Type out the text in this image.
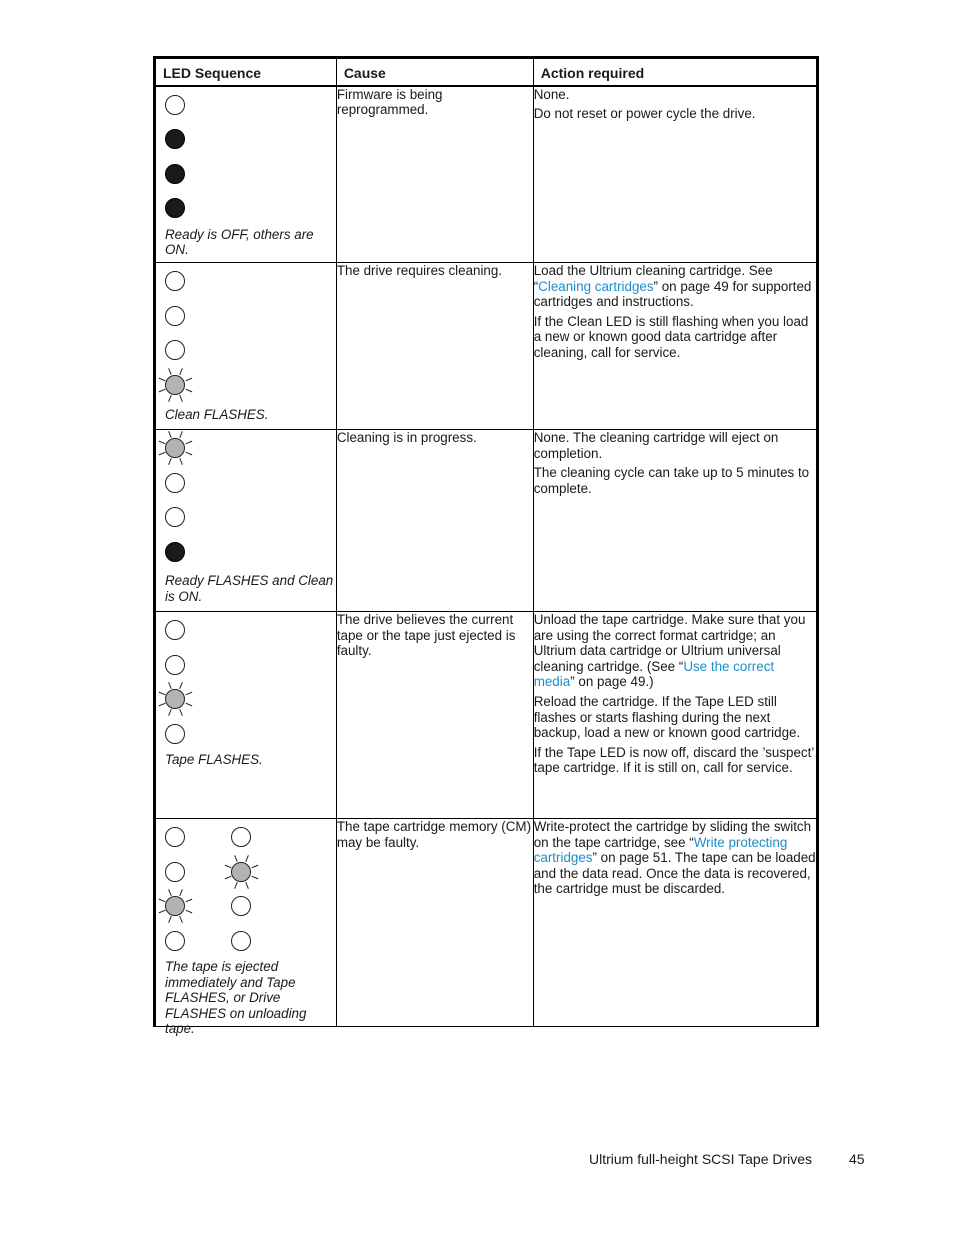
LED Sequence	Cause	Action required

Ready is OFF, others are ON.	Firmware is being reprogrammed.	None.

Do not reset or power cycle the drive.

Clean FLASHES.	The drive requires cleaning.	Load the Ultrium cleaning cartridge. See “Cleaning cartridges” on page 49 for supported cartridges and instructions.

If the Clean LED is still flashing when you load a new or known good data cartridge after cleaning, call for service.

Ready FLASHES and Clean is ON.	Cleaning is in progress.	None. The cleaning cartridge will eject on completion.

The cleaning cycle can take up to 5 minutes to complete.

Tape FLASHES.	The drive believes the current tape or the tape just ejected is faulty.	Unload the tape cartridge. Make sure that you are using the correct format cartridge; an Ultrium data cartridge or Ultrium universal cleaning cartridge. (See “Use the correct media” on page 49.)

Reload the cartridge. If the Tape LED still flashes or starts flashing during the next backup, load a new or known good cartridge.

If the Tape LED is now off, discard the ’suspect’ tape cartridge. If it is still on, call for service.

The tape is ejected immediately and Tape FLASHES, or Drive FLASHES on unloading tape.	The tape cartridge memory (CM) may be faulty.	Write-protect the cartridge by sliding the switch on the tape cartridge, see “Write protecting cartridges” on page 51. The tape can be loaded and the data read. Once the data is recovered, the cartridge must be discarded.

Ultrium full-height SCSI Tape Drives	45
